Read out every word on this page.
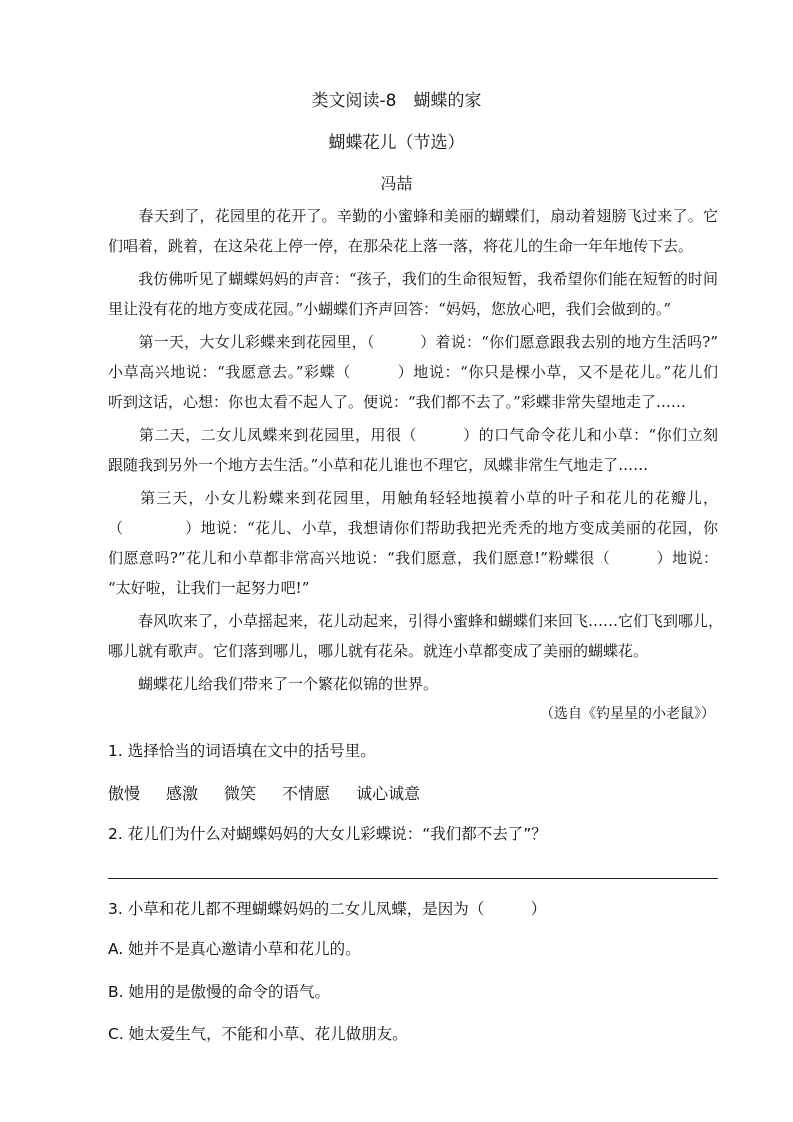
类文阅读-8　蝴蝶的家
蝴蝶花儿（节选）
冯喆
　　春天到了，花园里的花开了。辛勤的小蜜蜂和美丽的蝴蝶们，扇动着翅膀飞过来了。它
们唱着，跳着，在这朵花上停一停，在那朵花上落一落，将花儿的生命一年年地传下去。
　　我仿佛听见了蝴蝶妈妈的声音：“孩子，我们的生命很短暂，我希望你们能在短暂的时间
里让没有花的地方变成花园。”小蝴蝶们齐声回答：“妈妈，您放心吧，我们会做到的。”
　　第一天，大女儿彩蝶来到花园里，（　　　）着说：“你们愿意跟我去别的地方生活吗?”
小草高兴地说：“我愿意去。”彩蝶（　　　）地说：“你只是棵小草，又不是花儿。”花儿们
听到这话，心想：你也太看不起人了。便说：“我们都不去了。”彩蝶非常失望地走了……
　　第二天，二女儿凤蝶来到花园里，用很（　　　）的口气命令花儿和小草：“你们立刻
跟随我到另外一个地方去生活。”小草和花儿谁也不理它，凤蝶非常生气地走了……
　　第三天，小女儿粉蝶来到花园里，用触角轻轻地摸着小草的叶子和花儿的花瓣儿，
（　　　　）地说：“花儿、小草，我想请你们帮助我把光秃秃的地方变成美丽的花园，你
们愿意吗?”花儿和小草都非常高兴地说：“我们愿意，我们愿意!”粉蝶很（　　　）地说：
“太好啦，让我们一起努力吧!”
　　春风吹来了，小草摇起来，花儿动起来，引得小蜜蜂和蝴蝶们来回飞……它们飞到哪儿，
哪儿就有歌声。它们落到哪儿，哪儿就有花朵。就连小草都变成了美丽的蝴蝶花。
　　蝴蝶花儿给我们带来了一个繁花似锦的世界。
（选自《钓星星的小老鼠》）
1. 选择恰当的词语填在文中的括号里。
傲慢 感激 微笑 不情愿 诚心诚意
2. 花儿们为什么对蝴蝶妈妈的大女儿彩蝶说：“我们都不去了”？
3. 小草和花儿都不理蝴蝶妈妈的二女儿凤蝶，是因为（　　　）
A. 她并不是真心邀请小草和花儿的。
B. 她用的是傲慢的命令的语气。
C. 她太爱生气，不能和小草、花儿做朋友。
